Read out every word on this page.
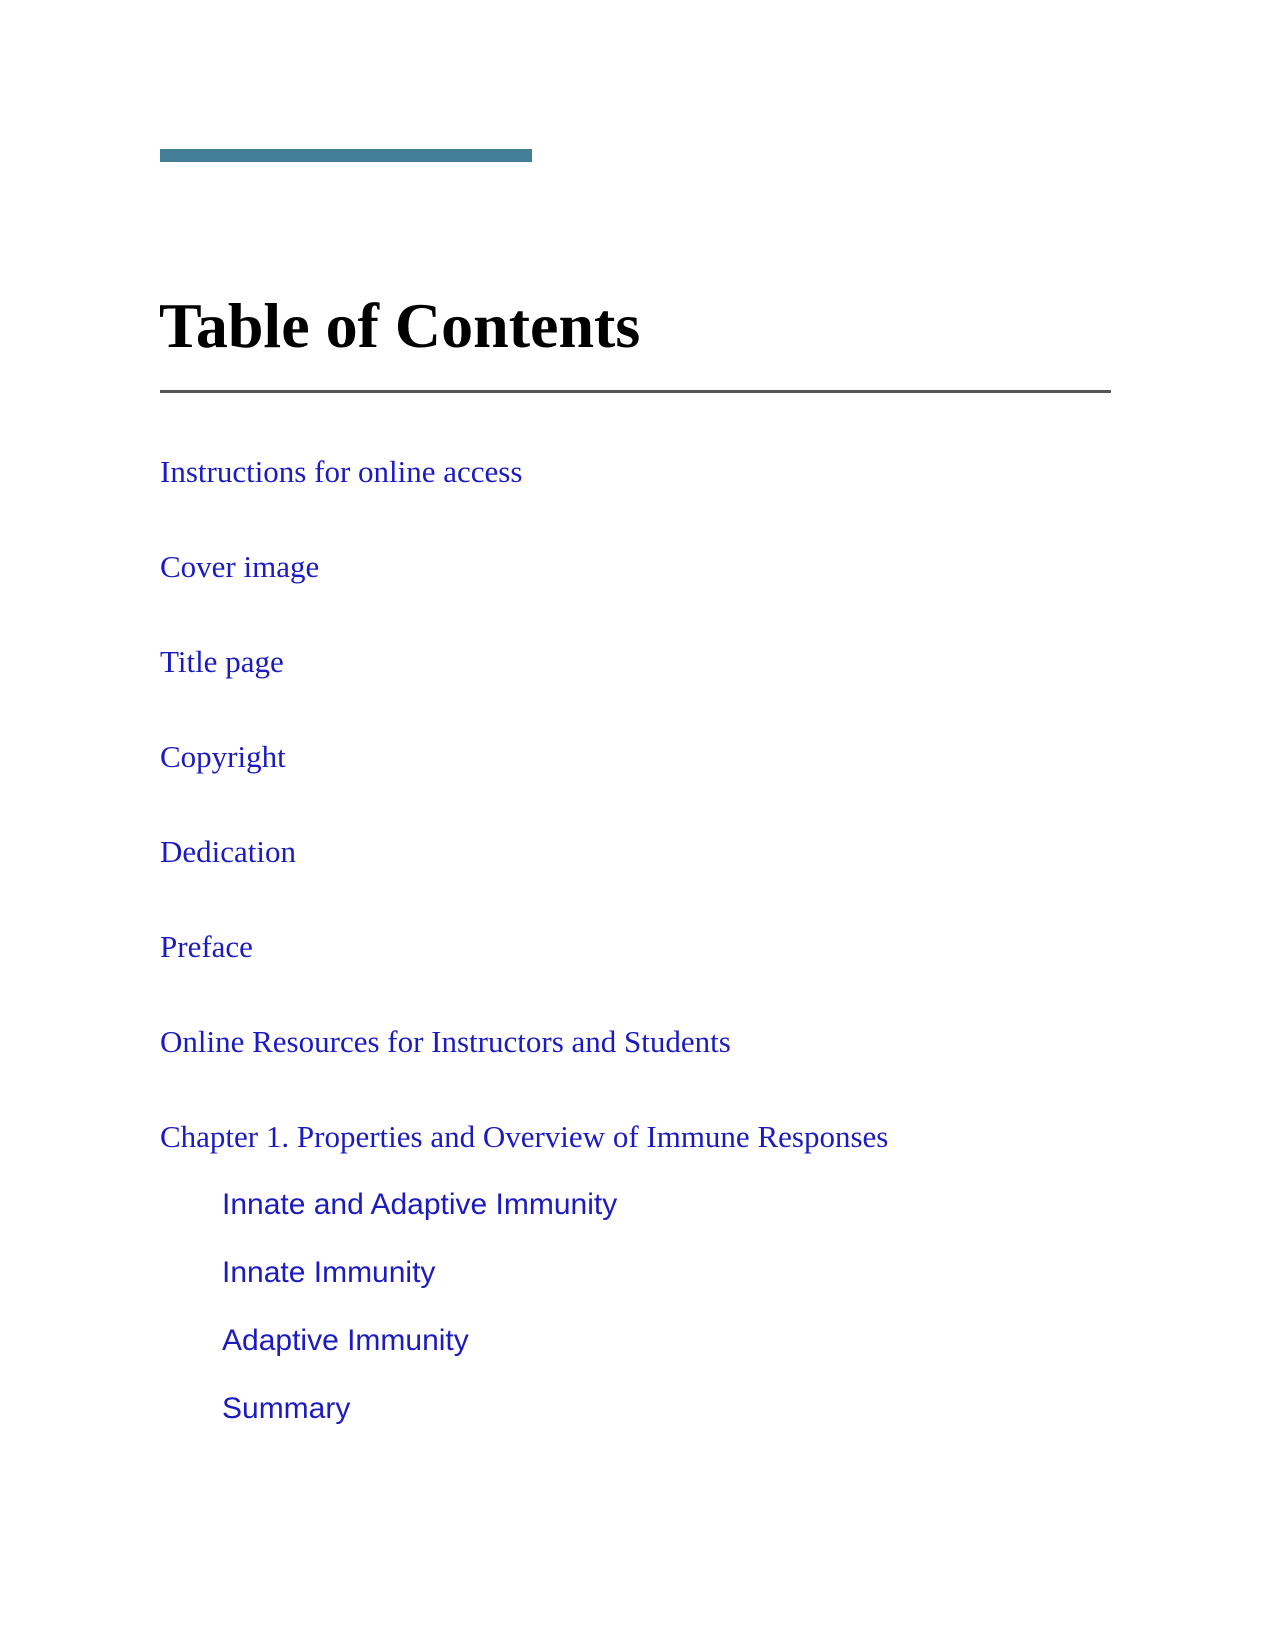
Table of Contents
Instructions for online access
Cover image
Title page
Copyright
Dedication
Preface
Online Resources for Instructors and Students
Chapter 1. Properties and Overview of Immune Responses
Innate and Adaptive Immunity
Innate Immunity
Adaptive Immunity
Summary
